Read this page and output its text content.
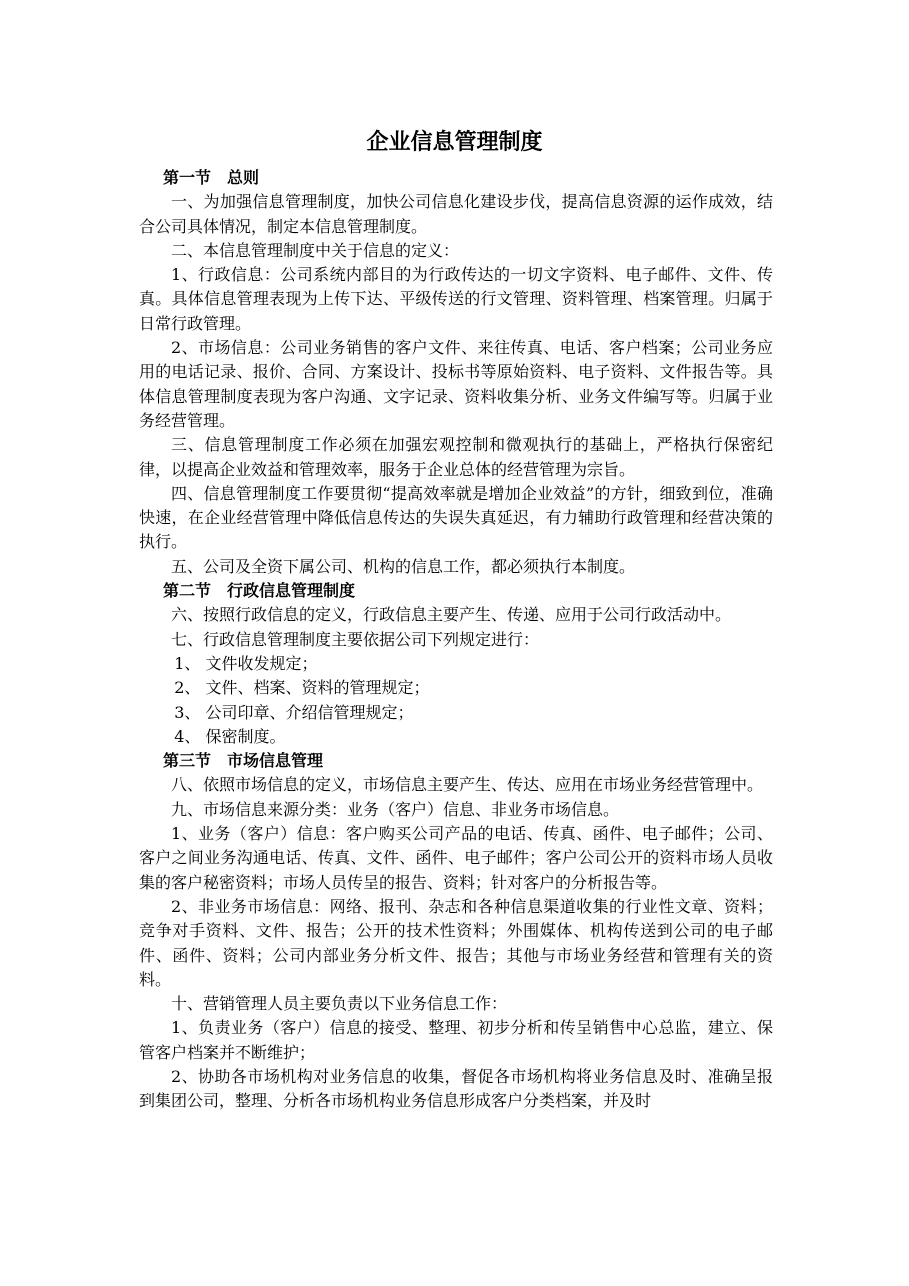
企业信息管理制度

第一节　总则

一、为加强信息管理制度，加快公司信息化建设步伐，提高信息资源的运作成效，结合公司具体情况，制定本信息管理制度。

二、本信息管理制度中关于信息的定义：

1、行政信息：公司系统内部目的为行政传达的一切文字资料、电子邮件、文件、传真。具体信息管理表现为上传下达、平级传送的行文管理、资料管理、档案管理。归属于日常行政管理。

2、市场信息：公司业务销售的客户文件、来往传真、电话、客户档案；公司业务应用的电话记录、报价、合同、方案设计、投标书等原始资料、电子资料、文件报告等。具体信息管理制度表现为客户沟通、文字记录、资料收集分析、业务文件编写等。归属于业务经营管理。

三、信息管理制度工作必须在加强宏观控制和微观执行的基础上，严格执行保密纪律，以提高企业效益和管理效率，服务于企业总体的经营管理为宗旨。

四、信息管理制度工作要贯彻“提高效率就是增加企业效益”的方针，细致到位，准确快速，在企业经营管理中降低信息传达的失误失真延迟，有力辅助行政管理和经营决策的执行。

五、公司及全资下属公司、机构的信息工作，都必须执行本制度。

第二节　行政信息管理制度

六、按照行政信息的定义，行政信息主要产生、传递、应用于公司行政活动中。

七、行政信息管理制度主要依据公司下列规定进行：

1、 文件收发规定；

2、 文件、档案、资料的管理规定；

3、 公司印章、介绍信管理规定；

4、 保密制度。

第三节　市场信息管理

八、依照市场信息的定义，市场信息主要产生、传达、应用在市场业务经营管理中。

九、市场信息来源分类：业务（客户）信息、非业务市场信息。

1、业务（客户）信息：客户购买公司产品的电话、传真、函件、电子邮件；公司、客户之间业务沟通电话、传真、文件、函件、电子邮件；客户公司公开的资料市场人员收集的客户秘密资料；市场人员传呈的报告、资料；针对客户的分析报告等。

2、非业务市场信息：网络、报刊、杂志和各种信息渠道收集的行业性文章、资料；竞争对手资料、文件、报告；公开的技术性资料；外围媒体、机构传送到公司的电子邮件、函件、资料；公司内部业务分析文件、报告；其他与市场业务经营和管理有关的资料。

十、营销管理人员主要负责以下业务信息工作：

1、负责业务（客户）信息的接受、整理、初步分析和传呈销售中心总监，建立、保管客户档案并不断维护；

2、协助各市场机构对业务信息的收集，督促各市场机构将业务信息及时、准确呈报到集团公司，整理、分析各市场机构业务信息形成客户分类档案，并及时
